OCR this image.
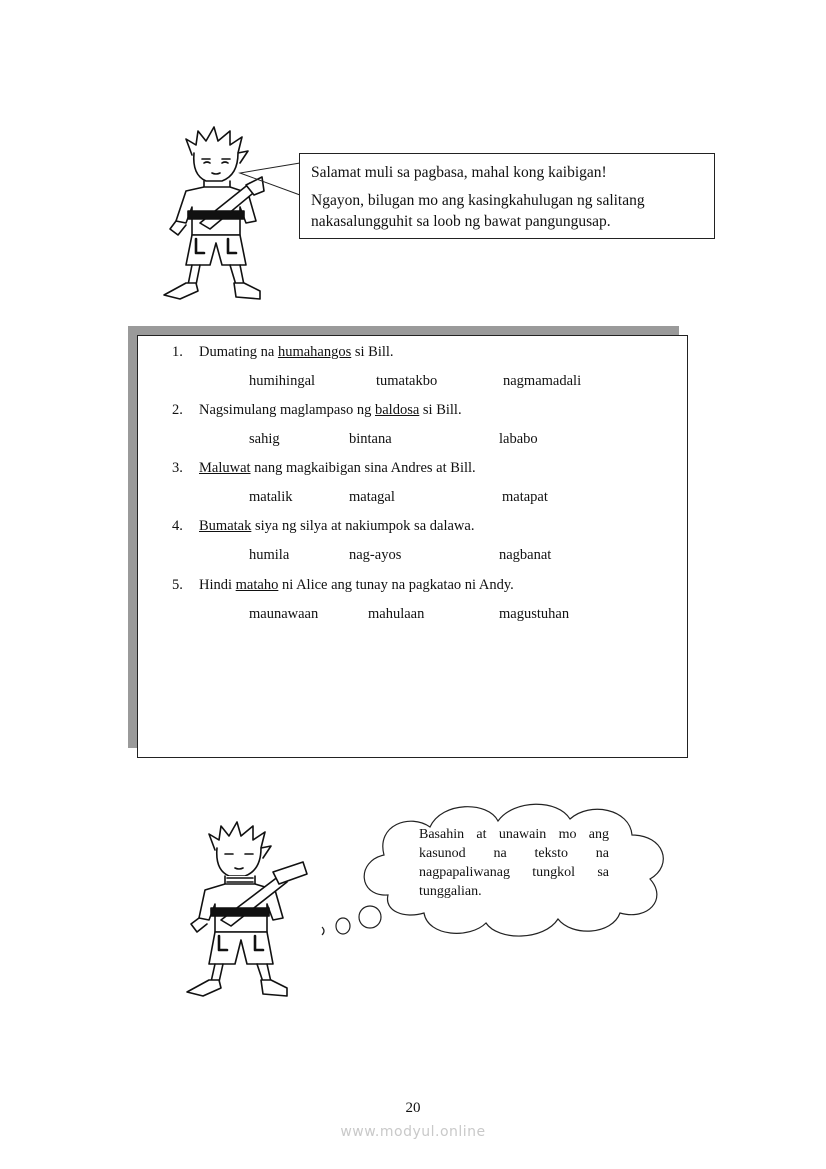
Salamat muli sa pagbasa, mahal kong kaibigan!

Ngayon, bilugan mo ang kasingkahulugan ng salitang nakasalungguhit sa loob ng bawat pangungusap.

1. Dumating na humahangos si Bill.
humihingal	tumatakbo	nagmamadali
2. Nagsimulang maglampaso ng baldosa si Bill.
sahig	bintana	lababo
3. Maluwat nang magkaibigan sina Andres at Bill.
matalik	matagal	matapat
4. Bumatak siya ng silya at nakiumpok sa dalawa.
humila	nag-ayos	nagbanat
5. Hindi mataho ni Alice ang tunay na pagkatao ni Andy.
maunawaan	mahulaan	magustuhan
Basahin at unawain mo ang kasunod na teksto na nagpapaliwanag tungkol sa tunggalian.
20
www.modyul.online
